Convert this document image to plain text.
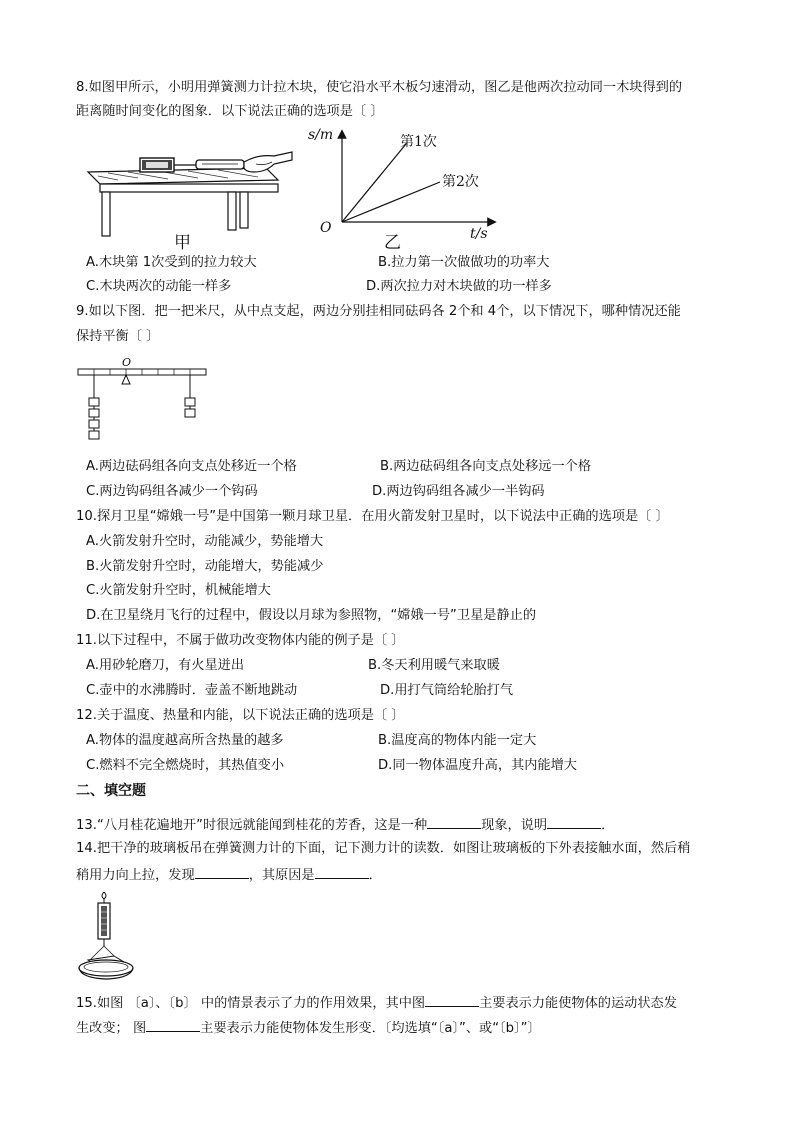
8.如图甲所示，小明用弹簧测力计拉木块，使它沿水平木板匀速滑动，图乙是他两次拉动同一木块得到的
距离随时间变化的图象．以下说法正确的选项是〔 〕
甲
s/m
t/s
O
第1次
第2次
乙
A.木块第 1次受到的拉力较大	B.拉力第一次做做功的功率大
C.木块两次的动能一样多	D.两次拉力对木块做的功一样多
9.如以下图．把一把米尺，从中点支起，两边分别挂相同砝码各 2个和 4个，以下情况下，哪种情况还能
保持平衡〔 〕
O
A.两边砝码组各向支点处移近一个格	B.两边砝码组各向支点处移远一个格
C.两边钩码组各减少一个钩码	D.两边钩码组各减少一半钩码
10.探月卫星“嫦娥一号”是中国第一颗月球卫星．在用火箭发射卫星时，以下说法中正确的选项是〔 〕
A.火箭发射升空时，动能减少，势能增大
B.火箭发射升空时，动能增大，势能减少
C.火箭发射升空时，机械能增大
D.在卫星绕月飞行的过程中，假设以月球为参照物，“嫦娥一号”卫星是静止的
11.以下过程中，不属于做功改变物体内能的例子是〔 〕
A.用砂轮磨刀，有火星迸出	B.冬天利用暖气来取暖
C.壶中的水沸腾时．壶盖不断地跳动	D.用打气筒给轮胎打气
12.关于温度、热量和内能，以下说法正确的选项是〔 〕
A.物体的温度越高所含热量的越多	B.温度高的物体内能一定大
C.燃料不完全燃烧时，其热值变小	D.同一物体温度升高，其内能增大
二、填空题
13.“八月桂花遍地开”时很远就能闻到桂花的芳香，这是一种	现象，说明	．
14.把干净的玻璃板吊在弹簧测力计的下面，记下测力计的读数．如图让玻璃板的下外表接触水面，然后稍
稍用力向上拉，发现	，其原因是	．
15.如图 〔a〕、〔b〕 中的情景表示了力的作用效果，其中图	主要表示力能使物体的运动状态发
生改变； 图	主要表示力能使物体发生形变．〔均选填“〔a〕”、或“〔b〕”〕
